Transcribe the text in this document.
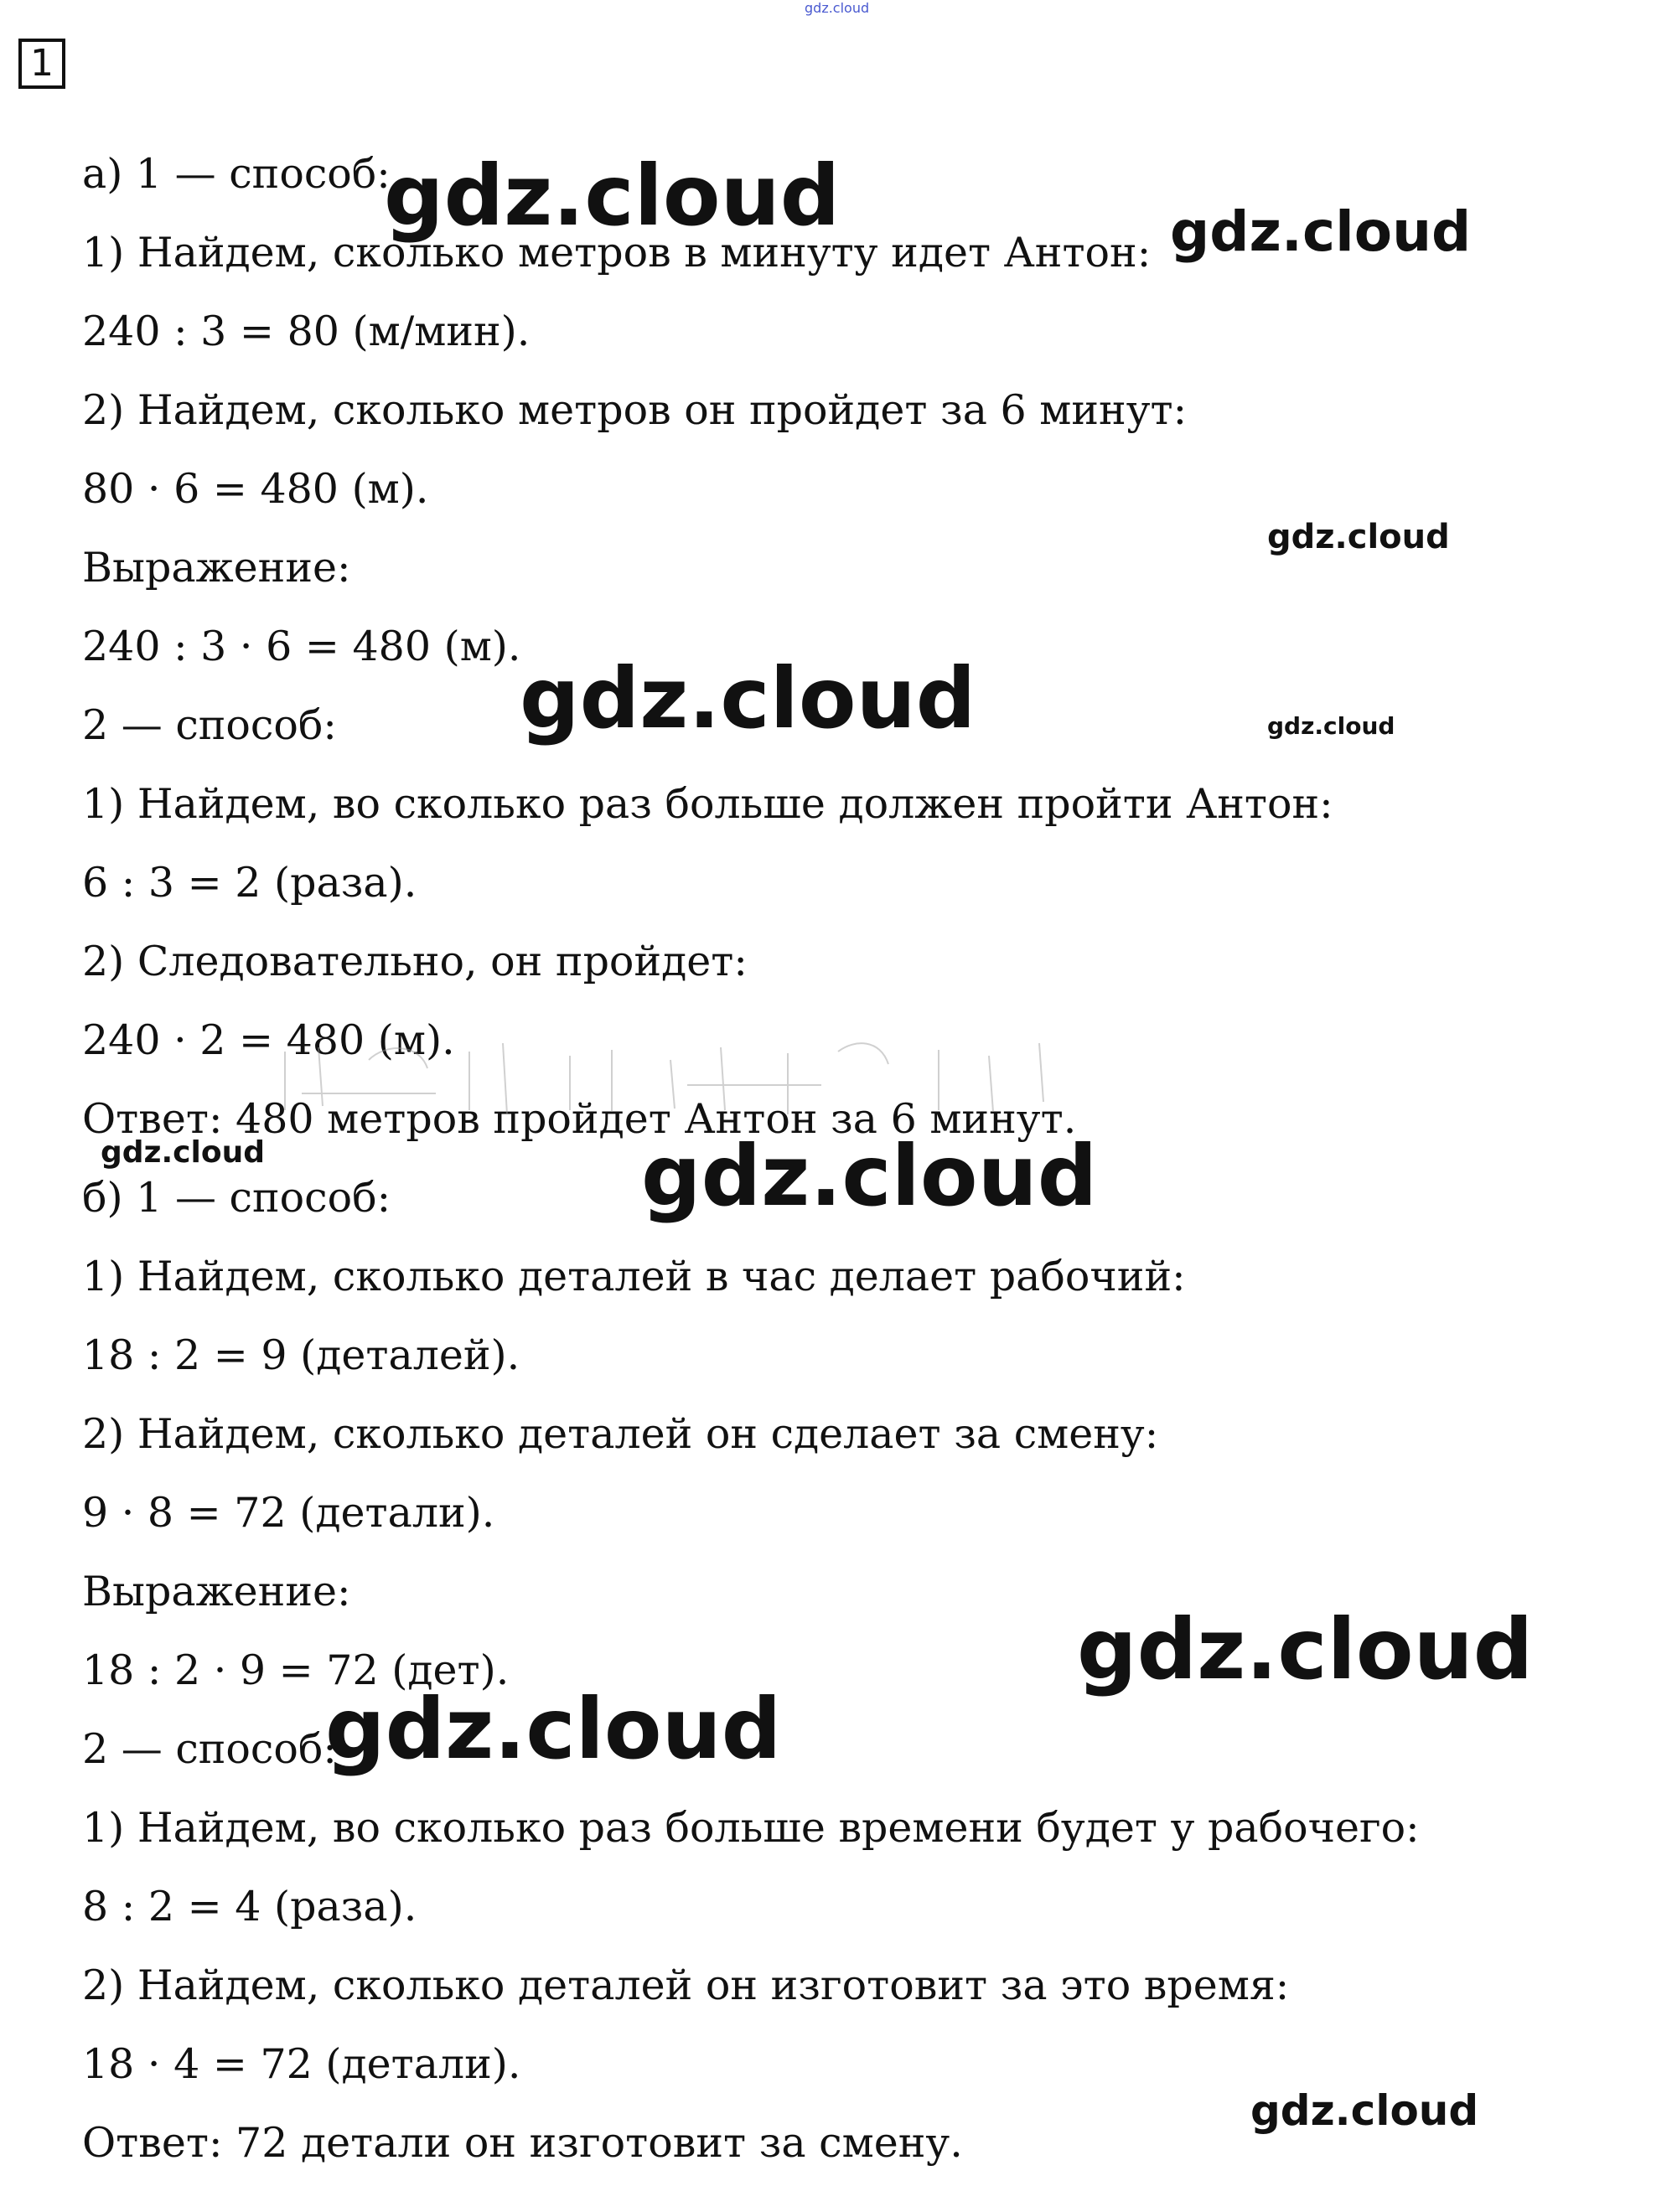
gdz.cloud
1
а) 1 — способ:
1) Найдем, сколько метров в минуту идет Антон:
240 : 3 = 80 (м/мин).
2) Найдем, сколько метров он пройдет за 6 минут:
80 · 6 = 480 (м).
Выражение:
240 : 3 · 6 = 480 (м).
2 — способ:
1) Найдем, во сколько раз больше должен пройти Антон:
6 : 3 = 2 (раза).
2) Следовательно, он пройдет:
240 · 2 = 480 (м).
Ответ: 480 метров пройдет Антон за 6 минут.
б) 1 — способ:
1) Найдем, сколько деталей в час делает рабочий:
18 : 2 = 9 (деталей).
2) Найдем, сколько деталей он сделает за смену:
9 · 8 = 72 (детали).
Выражение:
18 : 2 · 9 = 72 (дет).
2 — способ:
1) Найдем, во сколько раз больше времени будет у рабочего:
8 : 2 = 4 (раза).
2) Найдем, сколько деталей он изготовит за это время:
18 · 4 = 72 (детали).
Ответ: 72 детали он изготовит за смену.
gdz.cloud	gdz.cloud
gdz.cloud
gdz.cloud	gdz.cloud
gdz.cloud	gdz.cloud
gdz.cloud
gdz.cloud
gdz.cloud
